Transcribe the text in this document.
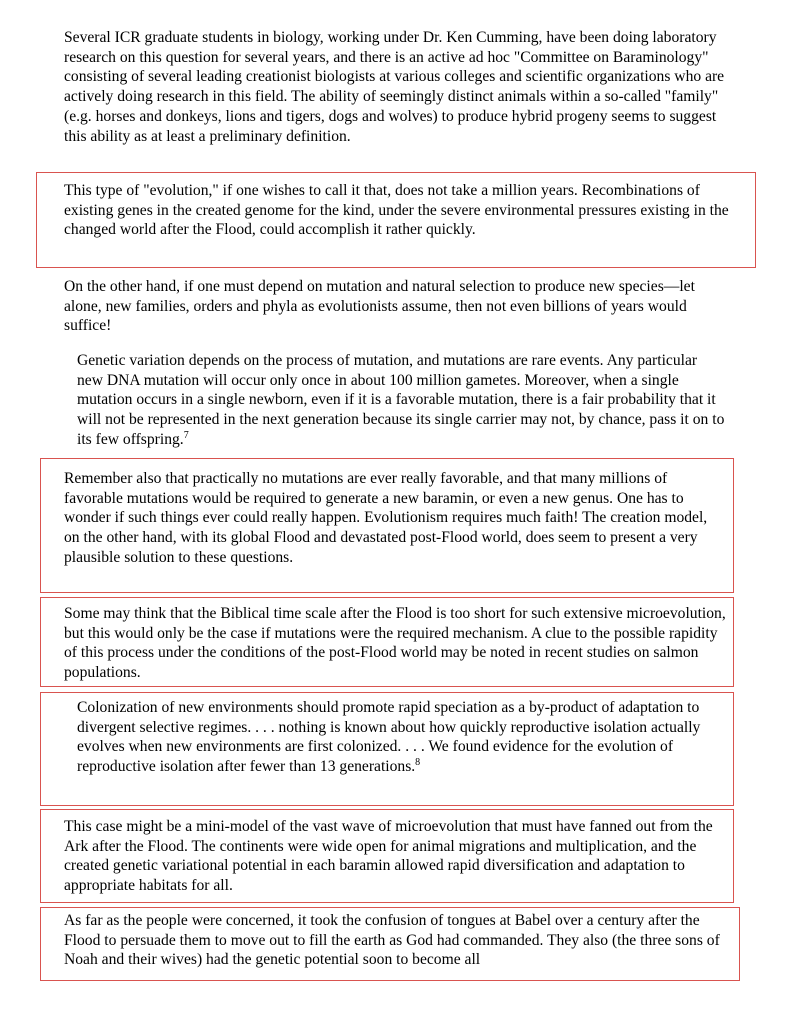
Several ICR graduate students in biology, working under Dr. Ken Cumming, have been doing laboratory research on this question for several years, and there is an active ad hoc "Committee on Baraminology" consisting of several leading creationist biologists at various colleges and scientific organizations who are actively doing research in this field. The ability of seemingly distinct animals within a so-called "family" (e.g. horses and donkeys, lions and tigers, dogs and wolves) to produce hybrid progeny seems to suggest this ability as at least a preliminary definition.

This type of "evolution," if one wishes to call it that, does not take a million years. Recombinations of existing genes in the created genome for the kind, under the severe environmental pressures existing in the changed world after the Flood, could accomplish it rather quickly.

On the other hand, if one must depend on mutation and natural selection to produce new species—let alone, new families, orders and phyla as evolutionists assume, then not even billions of years would suffice!

Genetic variation depends on the process of mutation, and mutations are rare events. Any particular new DNA mutation will occur only once in about 100 million gametes. Moreover, when a single mutation occurs in a single newborn, even if it is a favorable mutation, there is a fair probability that it will not be represented in the next generation because its single carrier may not, by chance, pass it on to its few offspring.$^7$

Remember also that practically no mutations are ever really favorable, and that many millions of favorable mutations would be required to generate a new baramin, or even a new genus. One has to wonder if such things ever could really happen. Evolutionism requires much faith! The creation model, on the other hand, with its global Flood and devastated post-Flood world, does seem to present a very plausible solution to these questions.

Some may think that the Biblical time scale after the Flood is too short for such extensive microevolution, but this would only be the case if mutations were the required mechanism. A clue to the possible rapidity of this process under the conditions of the post-Flood world may be noted in recent studies on salmon populations.

Colonization of new environments should promote rapid speciation as a by-product of adaptation to divergent selective regimes. . . . nothing is known about how quickly reproductive isolation actually evolves when new environments are first colonized. . . . We found evidence for the evolution of reproductive isolation after fewer than 13 generations.$^8$

This case might be a mini-model of the vast wave of microevolution that must have fanned out from the Ark after the Flood. The continents were wide open for animal migrations and multiplication, and the created genetic variational potential in each baramin allowed rapid diversification and adaptation to appropriate habitats for all.

As far as the people were concerned, it took the confusion of tongues at Babel over a century after the Flood to persuade them to move out to fill the earth as God had commanded. They also (the three sons of Noah and their wives) had the genetic potential soon to become all
